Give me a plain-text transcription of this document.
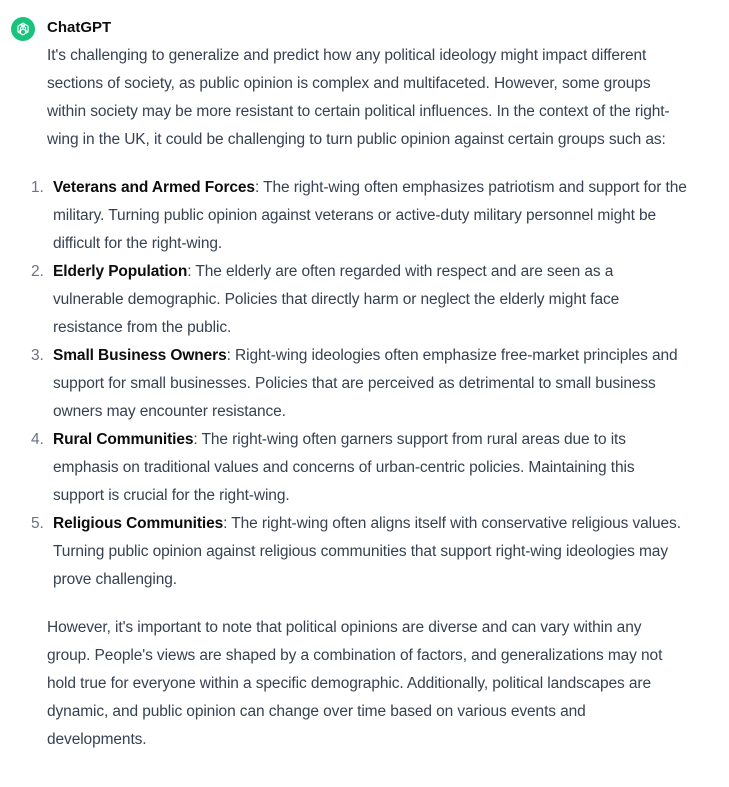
ChatGPT

It's challenging to generalize and predict how any political ideology might impact different sections of society, as public opinion is complex and multifaceted. However, some groups within society may be more resistant to certain political influences. In the context of the right-wing in the UK, it could be challenging to turn public opinion against certain groups such as:

1. Veterans and Armed Forces: The right-wing often emphasizes patriotism and support for the military. Turning public opinion against veterans or active-duty military personnel might be difficult for the right-wing.
2. Elderly Population: The elderly are often regarded with respect and are seen as a vulnerable demographic. Policies that directly harm or neglect the elderly might face resistance from the public.
3. Small Business Owners: Right-wing ideologies often emphasize free-market principles and support for small businesses. Policies that are perceived as detrimental to small business owners may encounter resistance.
4. Rural Communities: The right-wing often garners support from rural areas due to its emphasis on traditional values and concerns of urban-centric policies. Maintaining this support is crucial for the right-wing.
5. Religious Communities: The right-wing often aligns itself with conservative religious values. Turning public opinion against religious communities that support right-wing ideologies may prove challenging.

However, it's important to note that political opinions are diverse and can vary within any group. People's views are shaped by a combination of factors, and generalizations may not hold true for everyone within a specific demographic. Additionally, political landscapes are dynamic, and public opinion can change over time based on various events and developments.
